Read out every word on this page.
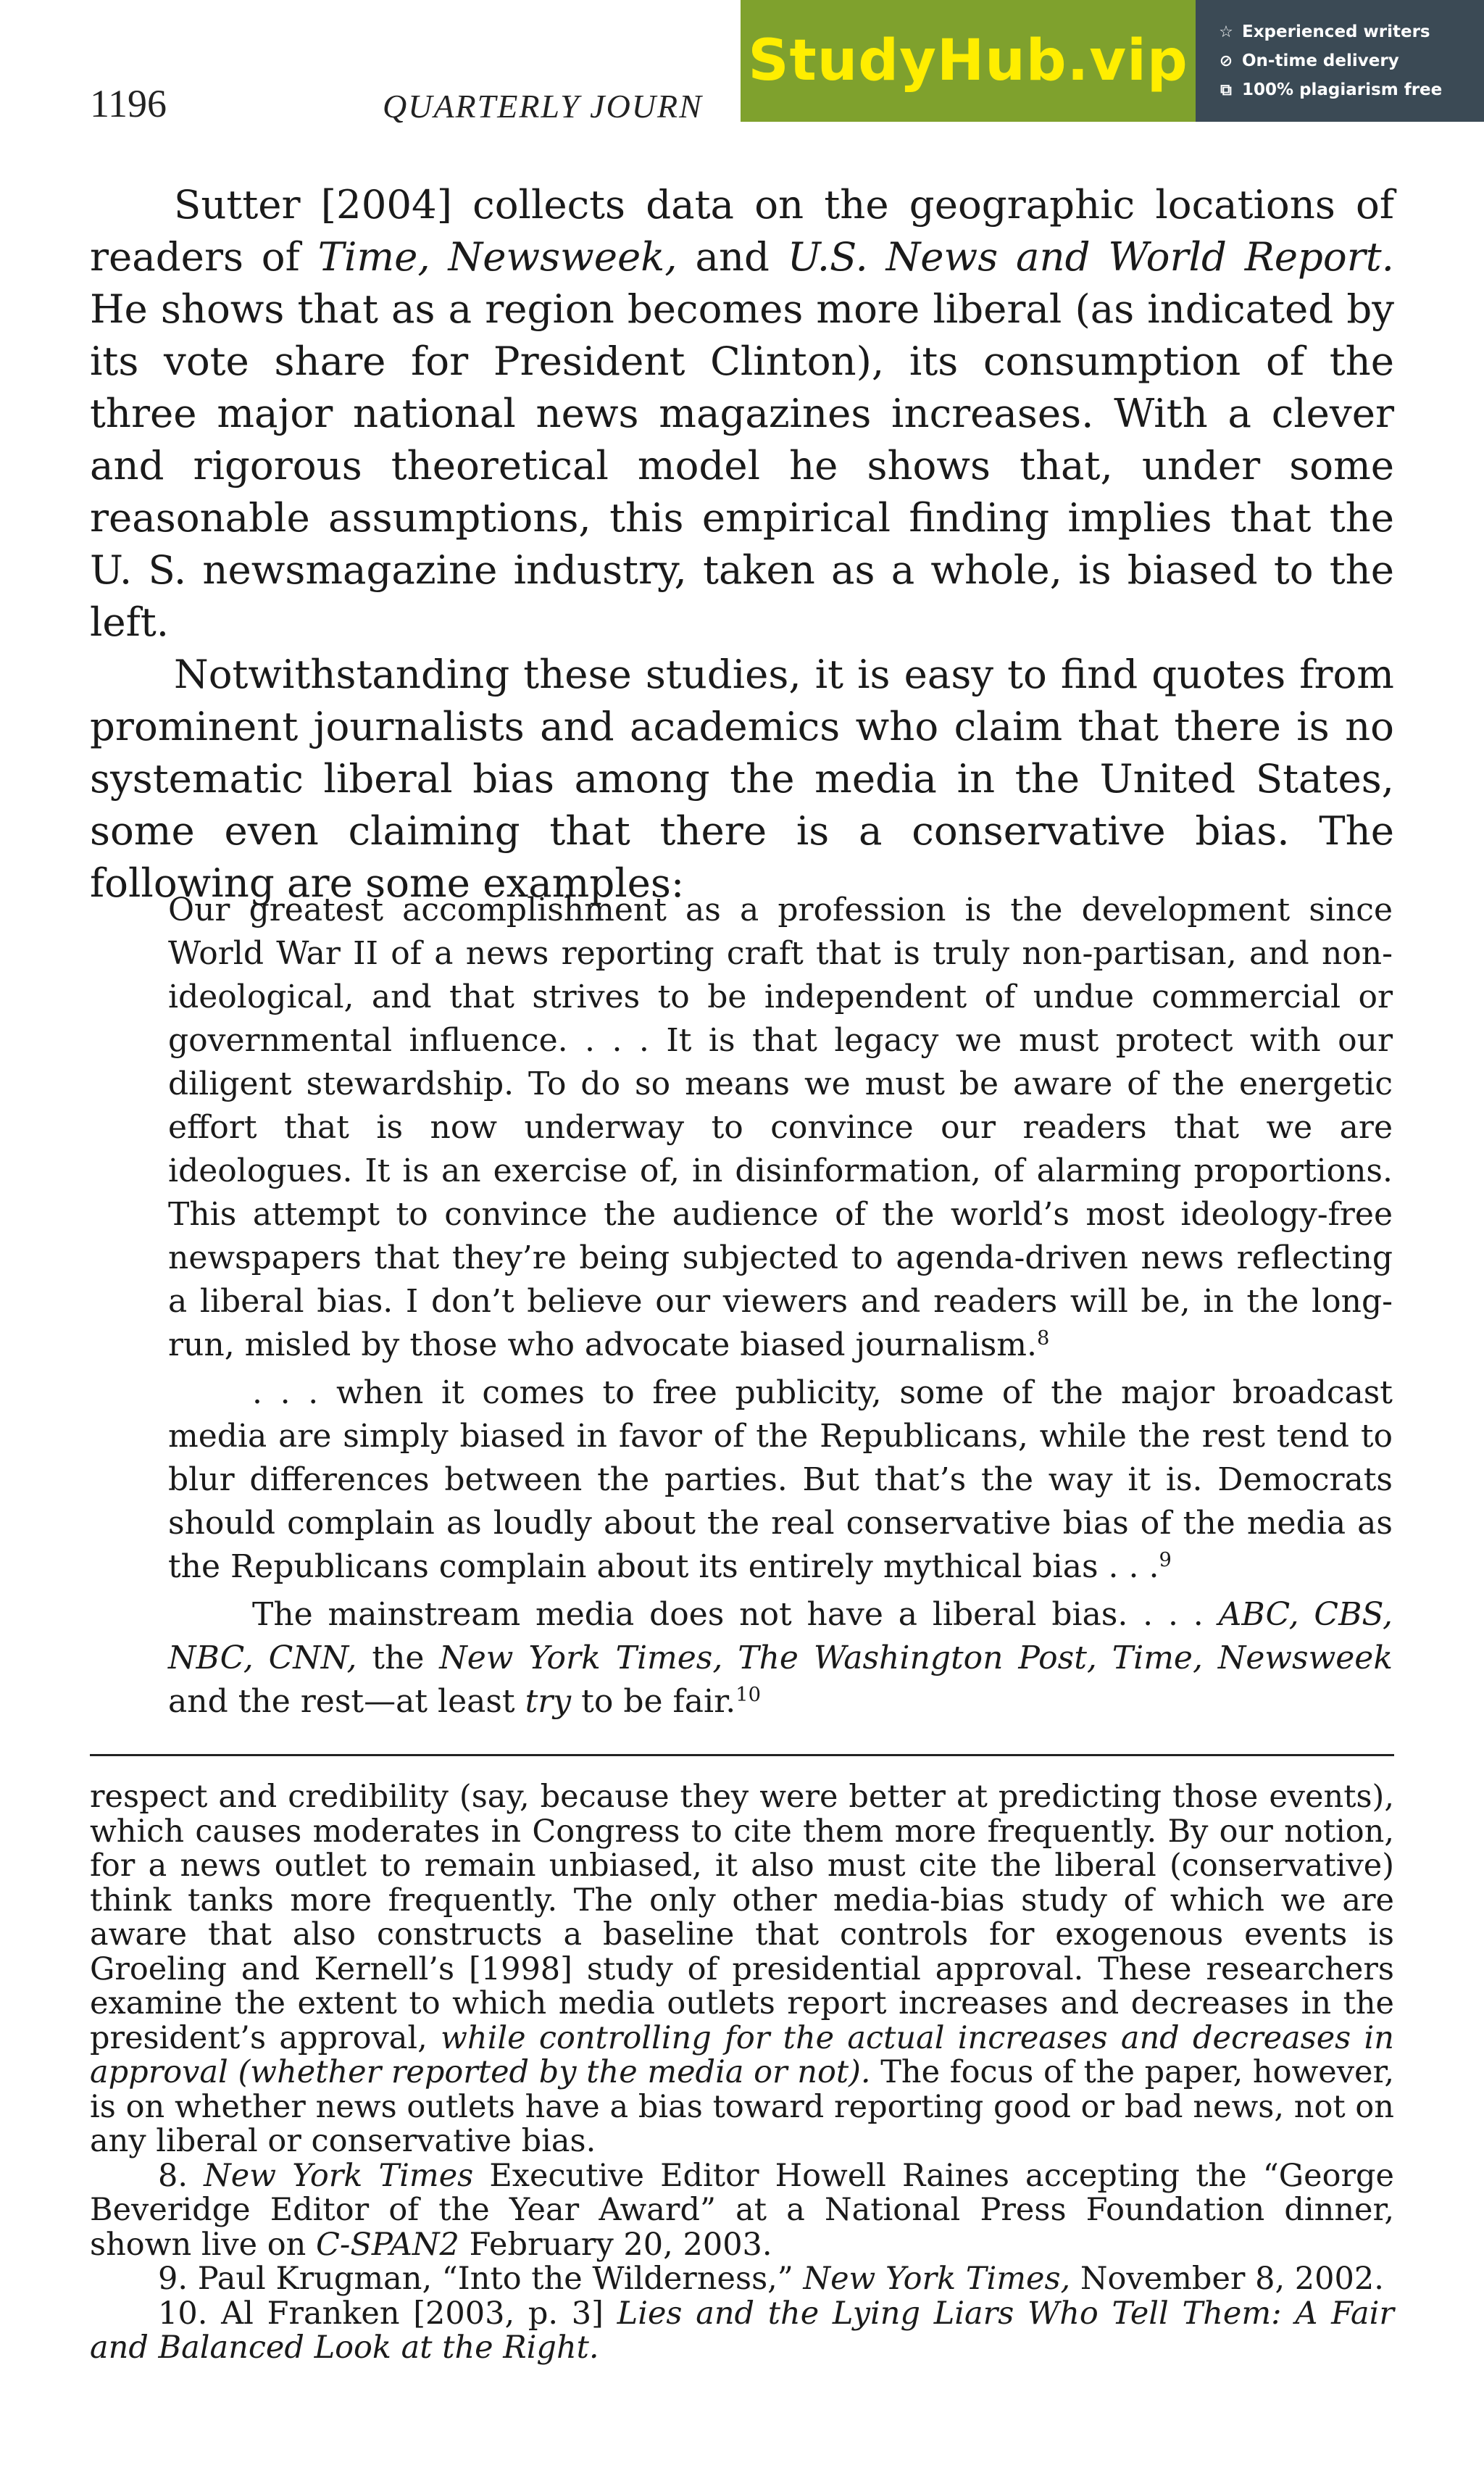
1196	QUARTERLY JOURN
StudyHub.vip	☆ Experienced writers
⊘ On-time delivery
⧉ 100% plagiarism free

Sutter [2004] collects data on the geographic locations of readers of Time, Newsweek, and U.S. News and World Report. He shows that as a region becomes more liberal (as indicated by its vote share for President Clinton), its consumption of the three major national news magazines increases. With a clever and rigorous theoretical model he shows that, under some reasonable assumptions, this empirical finding implies that the U. S. newsmagazine industry, taken as a whole, is biased to the left.

Notwithstanding these studies, it is easy to find quotes from prominent journalists and academics who claim that there is no systematic liberal bias among the media in the United States, some even claiming that there is a conservative bias. The following are some examples:

Our greatest accomplishment as a profession is the development since World War II of a news reporting craft that is truly non-partisan, and non-ideological, and that strives to be independent of undue commercial or governmental influence. . . . It is that legacy we must protect with our diligent stewardship. To do so means we must be aware of the energetic effort that is now underway to convince our readers that we are ideologues. It is an exercise of, in disinformation, of alarming proportions. This attempt to convince the audience of the world’s most ideology-free newspapers that they’re being subjected to agenda-driven news reflecting a liberal bias. I don’t believe our viewers and readers will be, in the long-run, misled by those who advocate biased journalism.$^8$

. . . when it comes to free publicity, some of the major broadcast media are simply biased in favor of the Republicans, while the rest tend to blur differences between the parties. But that’s the way it is. Democrats should complain as loudly about the real conservative bias of the media as the Republicans complain about its entirely mythical bias . . .$^9$

The mainstream media does not have a liberal bias. . . . ABC, CBS, NBC, CNN, the New York Times, The Washington Post, Time, Newsweek and the rest—at least try to be fair.$^{10}$

respect and credibility (say, because they were better at predicting those events), which causes moderates in Congress to cite them more frequently. By our notion, for a news outlet to remain unbiased, it also must cite the liberal (conservative) think tanks more frequently. The only other media-bias study of which we are aware that also constructs a baseline that controls for exogenous events is Groeling and Kernell’s [1998] study of presidential approval. These researchers examine the extent to which media outlets report increases and decreases in the president’s approval, while controlling for the actual increases and decreases in approval (whether reported by the media or not). The focus of the paper, however, is on whether news outlets have a bias toward reporting good or bad news, not on any liberal or conservative bias.

8. New York Times Executive Editor Howell Raines accepting the “George Beveridge Editor of the Year Award” at a National Press Foundation dinner, shown live on C-SPAN2 February 20, 2003.

9. Paul Krugman, “Into the Wilderness,” New York Times, November 8, 2002.

10. Al Franken [2003, p. 3] Lies and the Lying Liars Who Tell Them: A Fair and Balanced Look at the Right.
